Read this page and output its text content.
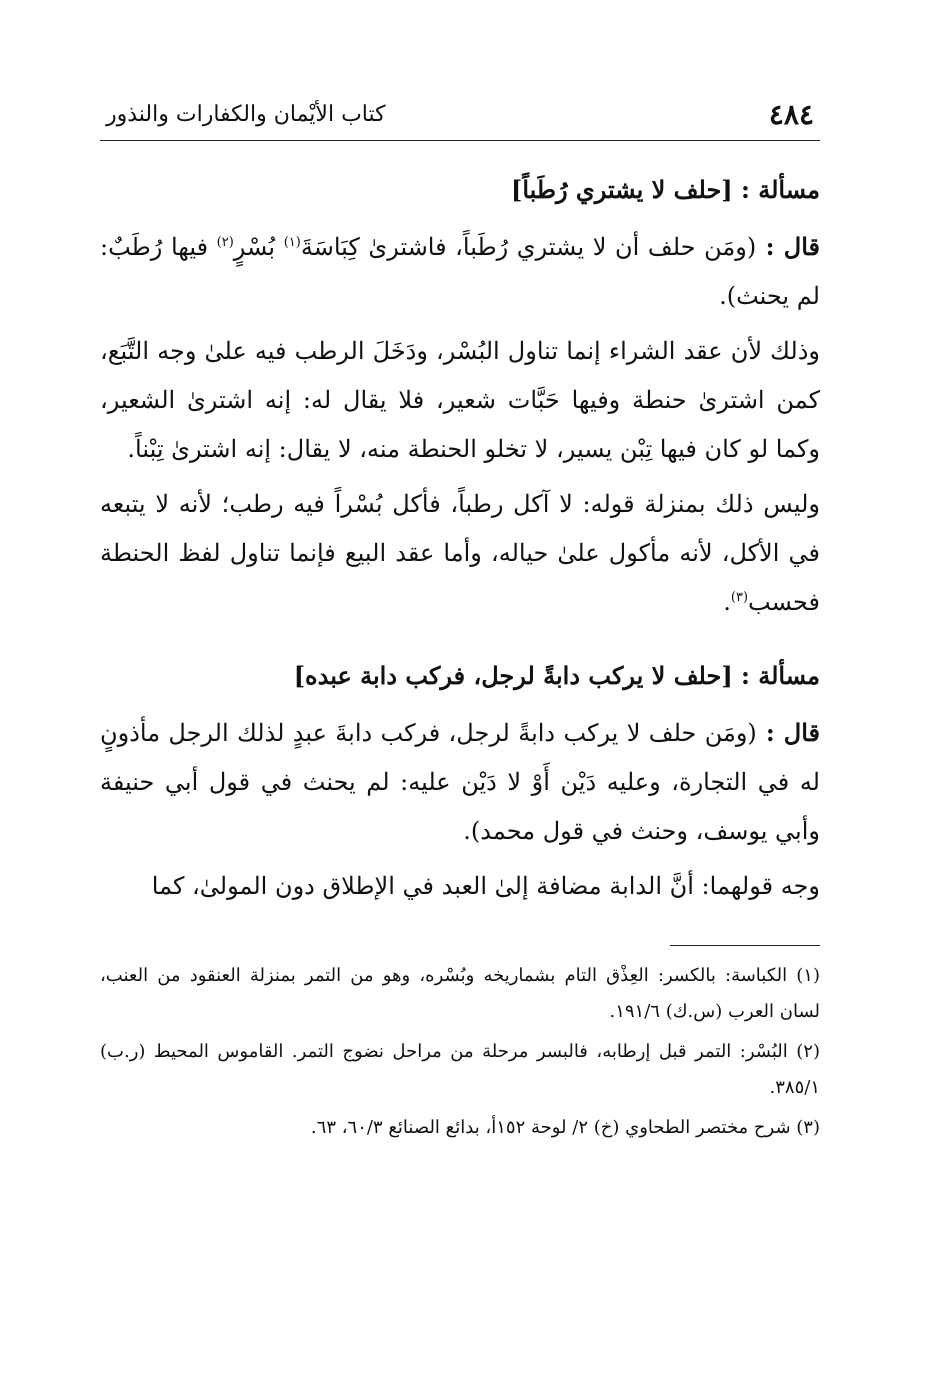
٤٨٤
كتاب الأيْمان والكفارات والنذور
مسألة : [حلف لا يشتري رُطَباً]

قال : (ومَن حلف أن لا يشتري رُطَباً، فاشترىٰ كِبَاسَةَ$^{(١)}$ بُسْرٍ$^{(٢)}$ فيها رُطَبٌ: لم يحنث).

وذلك لأن عقد الشراء إنما تناول البُسْر، ودَخَلَ الرطب فيه علىٰ وجه التَّبَع، كمن اشترىٰ حنطة وفيها حَبَّات شعير، فلا يقال له: إنه اشترىٰ الشعير، وكما لو كان فيها تِبْن يسير، لا تخلو الحنطة منه، لا يقال: إنه اشترىٰ تِبْناً.

وليس ذلك بمنزلة قوله: لا آكل رطباً، فأكل بُسْراً فيه رطب؛ لأنه لا يتبعه في الأكل، لأنه مأكول علىٰ حياله، وأما عقد البيع فإنما تناول لفظ الحنطة فحسب$^{(٣)}$.

مسألة : [حلف لا يركب دابةً لرجل، فركب دابة عبده]

قال : (ومَن حلف لا يركب دابةً لرجل، فركب دابةَ عبدٍ لذلك الرجل مأذونٍ له في التجارة، وعليه دَيْن أَوْ لا دَيْن عليه: لم يحنث في قول أبي حنيفة وأبي يوسف، وحنث في قول محمد).

وجه قولهما: أنَّ الدابة مضافة إلىٰ العبد في الإطلاق دون المولىٰ، كما

(١) الكباسة: بالكسر: العِذْق التام بشماريخه وبُسْره، وهو من التمر بمنزلة العنقود من العنب، لسان العرب (س.ك) ١٩١/٦.

(٢) البُسْر: التمر قبل إرطابه، فالبسر مرحلة من مراحل نضوج التمر. القاموس المحيط (ر.ب) ٣٨٥/١.

(٣) شرح مختصر الطحاوي (خ) ٢/ لوحة ١٥٢أ، بدائع الصنائع ٦٠/٣، ٦٣.
